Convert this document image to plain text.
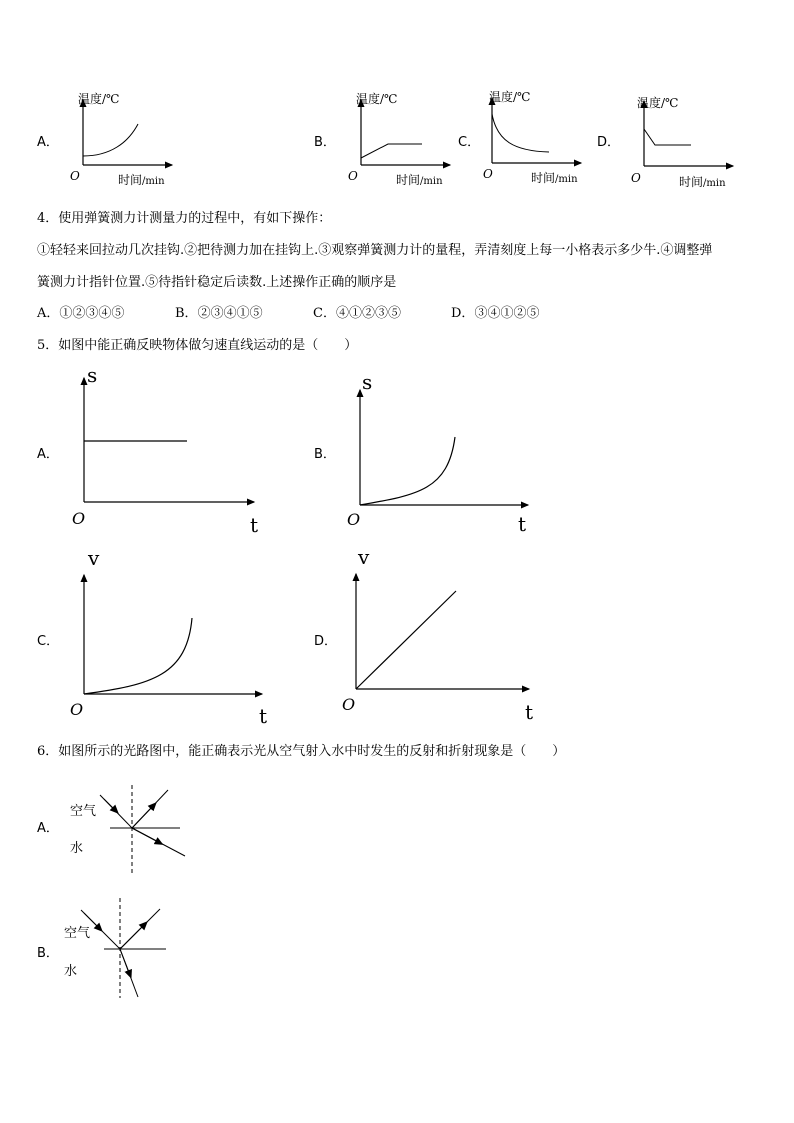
A．	B．	C．	D．
温度/℃
O	时间/min
温度/℃
O	时间/min
温度/℃
O	时间/min
温度/℃
O	时间/min
4．使用弹簧测力计测量力的过程中，有如下操作：
①轻轻来回拉动几次挂钩.②把待测力加在挂钩上.③观察弹簧测力计的量程，弄清刻度上每一小格表示多少牛.④调整弹
簧测力计指针位置.⑤待指针稳定后读数.上述操作正确的顺序是
A．①②③④⑤	B．②③④①⑤	C．④①②③⑤	D．③④①②⑤
5．如图中能正确反映物体做匀速直线运动的是（　　）
A．	B．
C．	D．
s
O	t
s
O	t
v
O	t
v
O	t
6．如图所示的光路图中，能正确表示光从空气射入水中时发生的反射和折射现象是（　　）
A．
B．
空气
水
空气
水
